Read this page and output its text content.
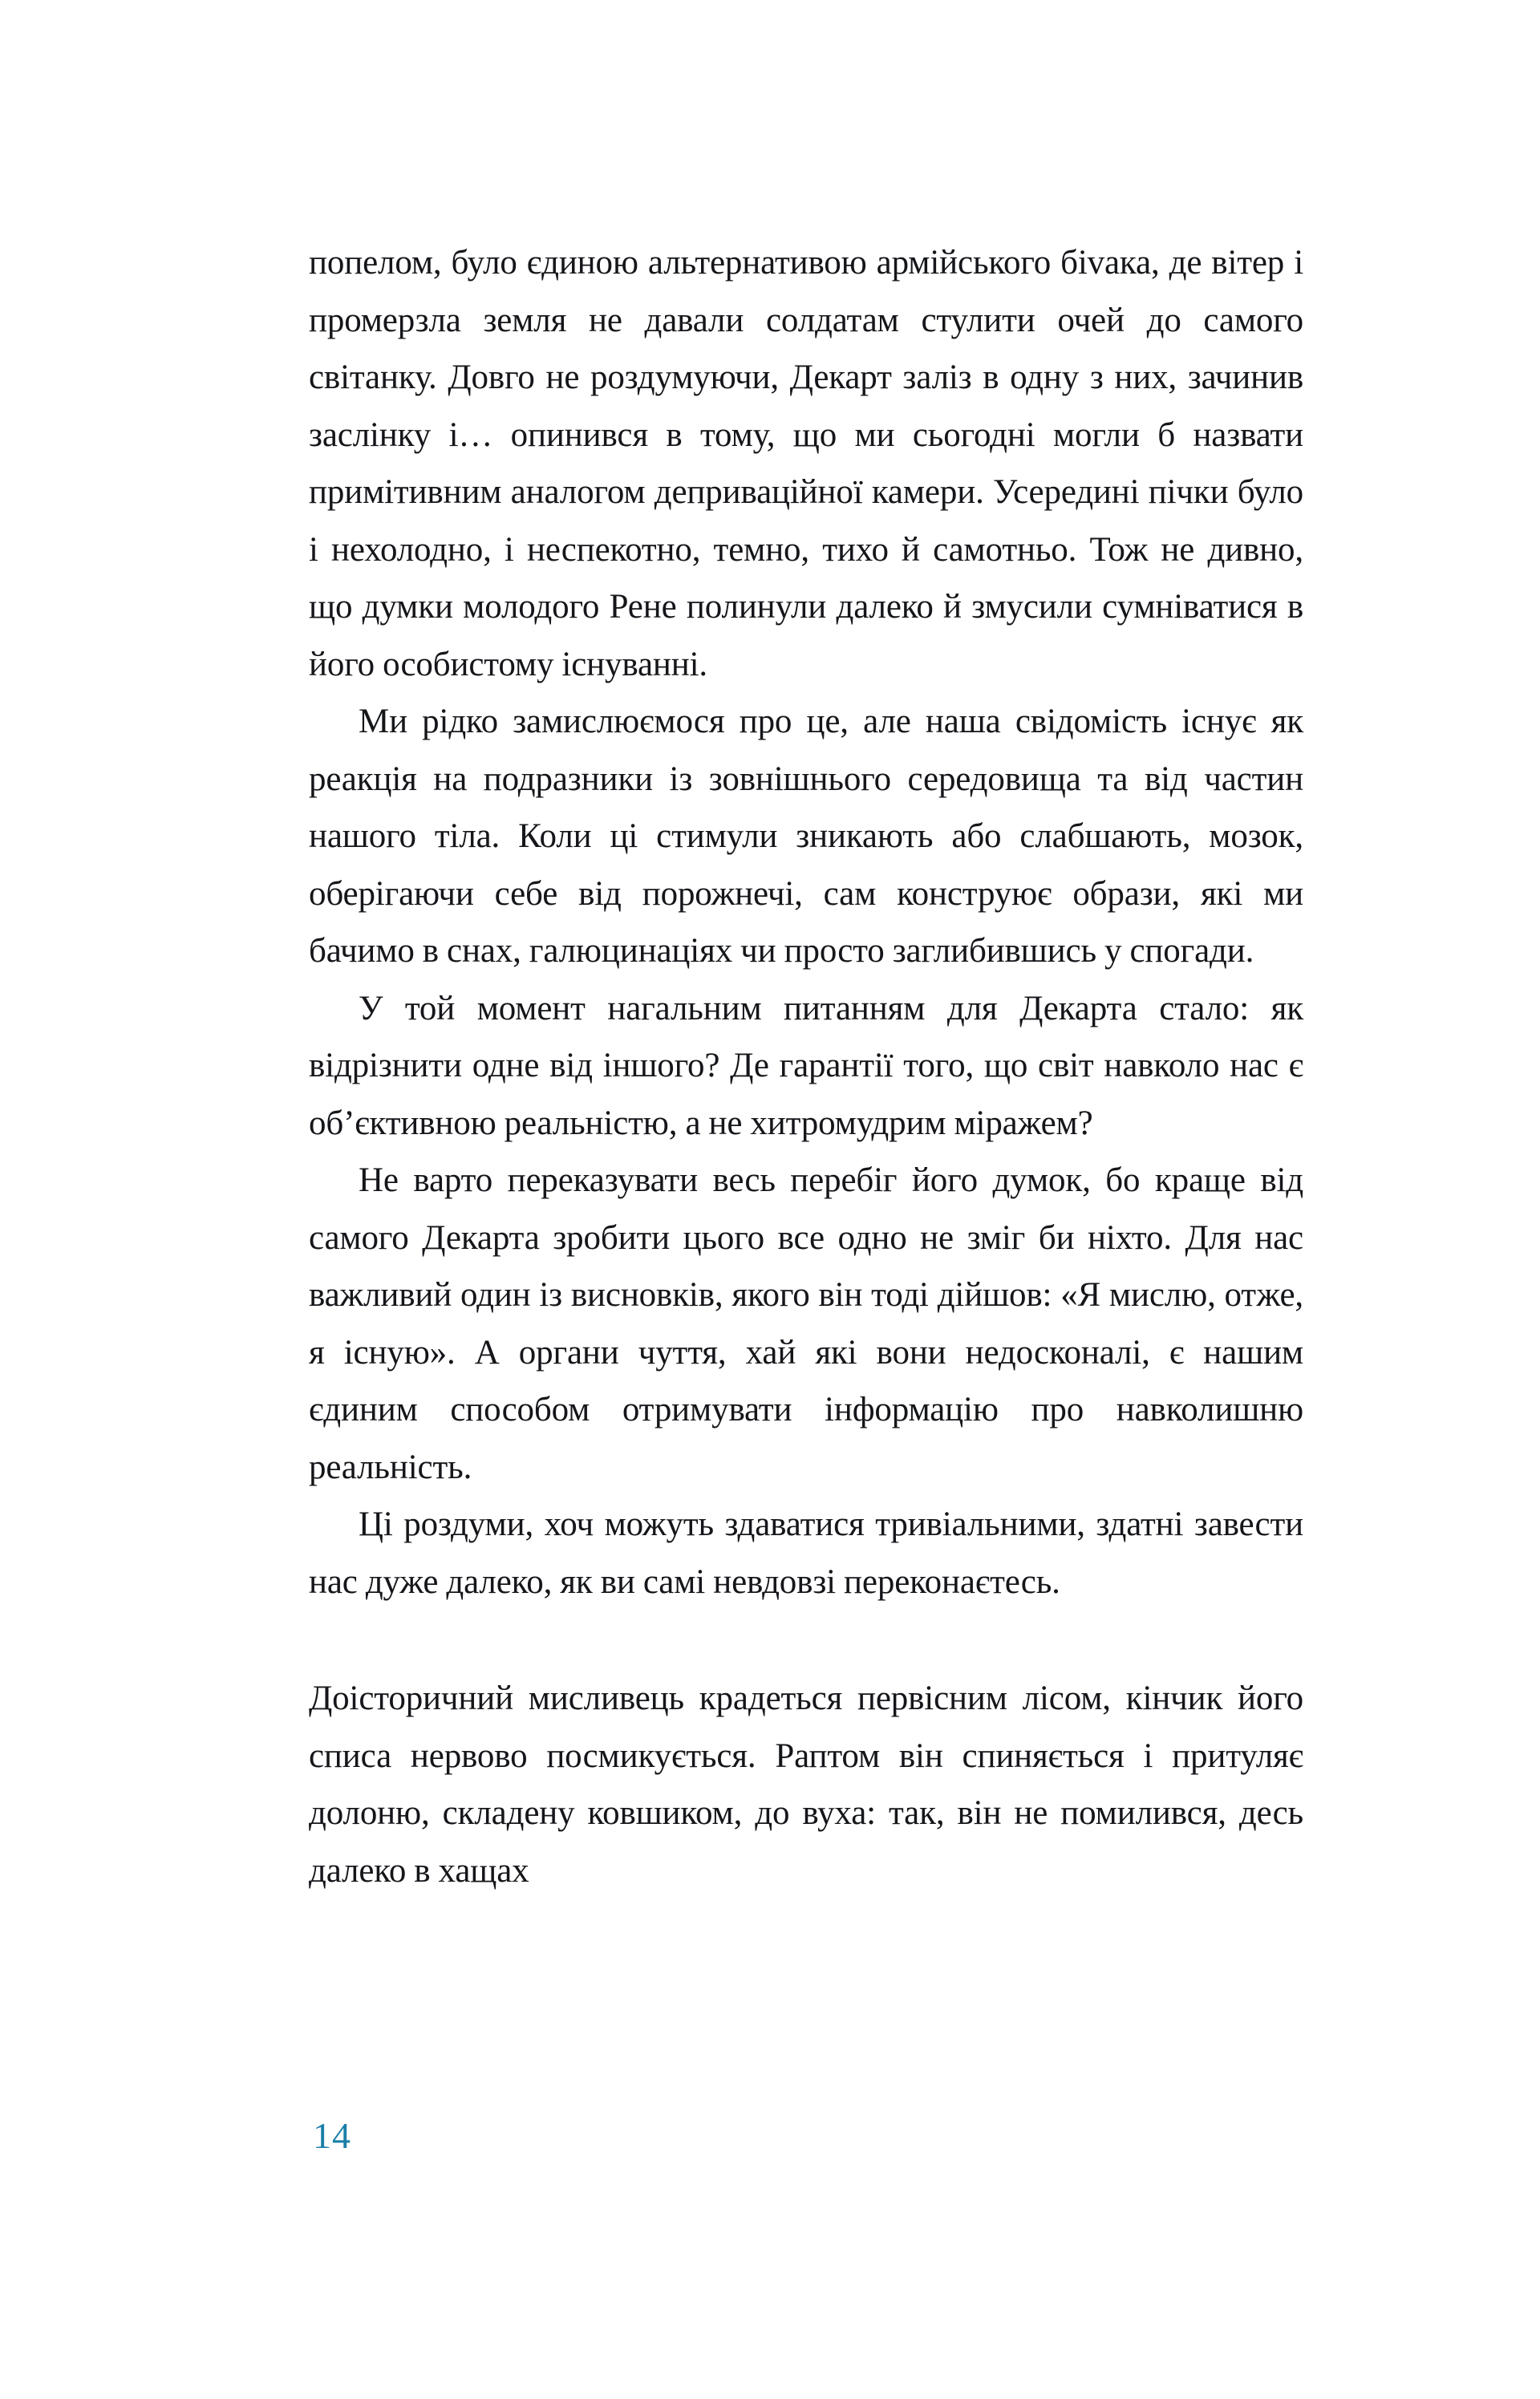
попелом, було єдиною альтернативою армійського біvака, де вітер і промерзла земля не давали солдатам стулити очей до самого світанку. Довго не роздумуючи, Декарт заліз в одну з них, зачинив заслінку і… опинився в тому, що ми сьогодні могли б назвати примітивним аналогом деприваційної камери. Усередині пічки було і нехолодно, і неспекотно, темно, тихо й самотньо. Тож не дивно, що думки молодого Рене полинули далеко й змусили сумніватися в його особистому існуванні.

Ми рідко замислюємося про це, але наша свідомість існує як реакція на подразники із зовнішнього середовища та від частин нашого тіла. Коли ці стимули зникають або слабшають, мозок, оберігаючи себе від порожнечі, сам конструює образи, які ми бачимо в снах, галюцинаціях чи просто заглибившись у спогади.

У той момент нагальним питанням для Декарта стало: як відрізнити одне від іншого? Де гарантії того, що світ навколо нас є об’єктивною реальністю, а не хитромудрим міражем?

Не варто переказувати весь перебіг його думок, бо краще від самого Декарта зробити цього все одно не зміг би ніхто. Для нас важливий один із висновків, якого він тоді дійшов: «Я мислю, отже, я існую». А органи чуття, хай які вони недосконалі, є нашим єдиним способом отримувати інформацію про навколишню реальність.

Ці роздуми, хоч можуть здаватися тривіальними, здатні завести нас дуже далеко, як ви самі невдовзі переконаєтесь.

Доісторичний мисливець крадеться первісним лісом, кінчик його списа нервово посмикується. Раптом він спиняється і притуляє долоню, складену ковшиком, до вуха: так, він не помилився, десь далеко в хащах

14
